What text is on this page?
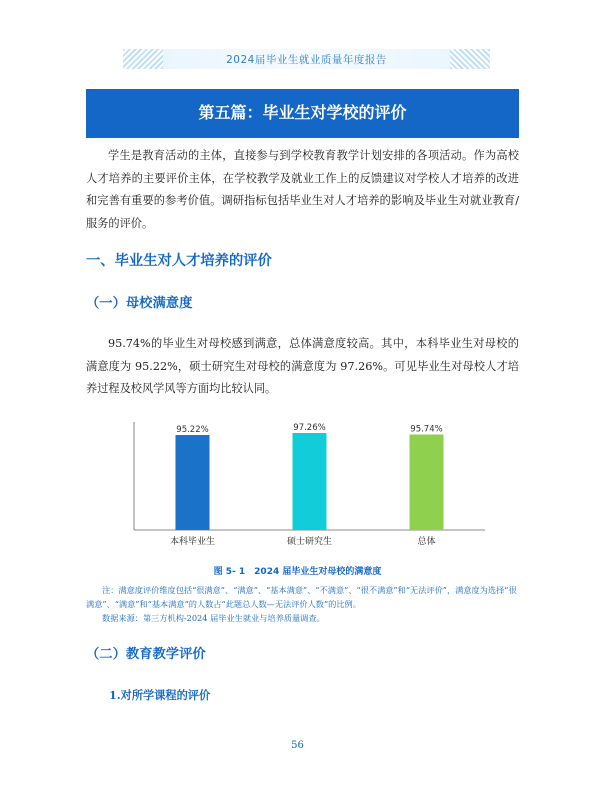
2024届毕业生就业质量年度报告
第五篇：毕业生对学校的评价

学生是教育活动的主体，直接参与到学校教育教学计划安排的各项活动。作为高校人才培养的主要评价主体，在学校教学及就业工作上的反馈建议对学校人才培养的改进和完善有重要的参考价值。调研指标包括毕业生对人才培养的影响及毕业生对就业教育/服务的评价。

一、毕业生对人才培养的评价
（一）母校满意度

95.74%的毕业生对母校感到满意，总体满意度较高。其中，本科毕业生对母校的满意度为 95.22%，硕士研究生对母校的满意度为 97.26%。可见毕业生对母校人才培养过程及校风学风等方面均比较认同。

95.22%
本科毕业生
97.26%
硕士研究生
95.74%
总体
图 5- 1　2024 届毕业生对母校的满意度

注：满意度评价维度包括“很满意”、“满意”、“基本满意”、“不满意”、“很不满意”和“无法评价”，满意度为选择“很满意”、“满意”和“基本满意”的人数占“此题总人数—无法评价人数”的比例。

数据来源：第三方机构-2024 届毕业生就业与培养质量调查。

（二）教育教学评价
1.对所学课程的评价
56
